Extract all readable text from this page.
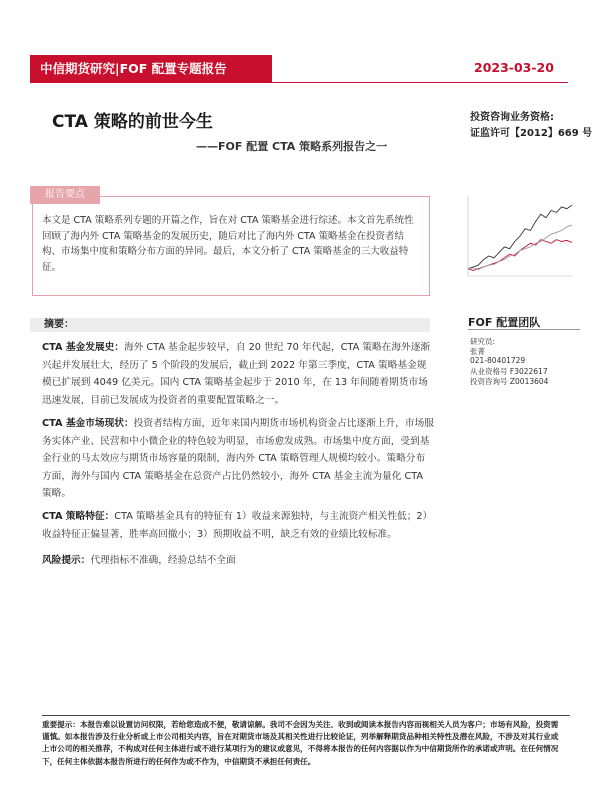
中信期货研究|FOF 配置专题报告	2023-03-20
CTA 策略的前世今生
——FOF 配置 CTA 策略系列报告之一
投资咨询业务资格:
证监许可【2012】669 号
报告要点
本文是 CTA 策略系列专题的开篇之作，旨在对 CTA 策略基金进行综述。本文首先系统性回顾了海内外 CTA 策略基金的发展历史，随后对比了海内外 CTA 策略基金在投资者结构、市场集中度和策略分布方面的异同。最后，本文分析了 CTA 策略基金的三大收益特征。
摘要：
CTA 基金发展史：海外 CTA 基金起步较早，自 20 世纪 70 年代起，CTA 策略在海外逐渐兴起并发展壮大，经历了 5 个阶段的发展后，截止到 2022 年第三季度，CTA 策略基金规模已扩展到 4049 亿美元。国内 CTA 策略基金起步于 2010 年，在 13 年间随着期货市场迅速发展，目前已发展成为投资者的重要配置策略之一。
CTA 基金市场现状：投资者结构方面，近年来国内期货市场机构资金占比逐渐上升，市场服务实体产业、民营和中小微企业的特色较为明显，市场愈发成熟。市场集中度方面，受到基金行业的马太效应与期货市场容量的限制，海内外 CTA 策略管理人规模均较小。策略分布方面，海外与国内 CTA 策略基金在总资产占比仍然较小，海外 CTA 基金主流为量化 CTA 策略。
CTA 策略特征：CTA 策略基金具有的特征有 1）收益来源独特，与主流资产相关性低；2）收益特征正偏显著，胜率高回撤小；3）预期收益不明，缺乏有效的业绩比较标准。
风险提示：代理指标不准确，经验总结不全面
FOF 配置团队
研究员:
张菁
021-80401729
从业资格号 F3022617
投资咨询号 Z0013604
重要提示：本报告难以设置访问权限，若给您造成不便，敬请谅解。我司不会因为关注、收到或阅读本报告内容而视相关人员为客户；市场有风险，投资需谨慎。如本报告涉及行业分析或上市公司相关内容，旨在对期货市场及其相关性进行比较论证，列举解释期货品种相关特性及潜在风险，不涉及对其行业或上市公司的相关推荐，不构成对任何主体进行或不进行某项行为的建议或意见，不得将本报告的任何内容据以作为中信期货所作的承诺或声明。在任何情况下，任何主体依据本报告所进行的任何作为或不作为，中信期货不承担任何责任。
